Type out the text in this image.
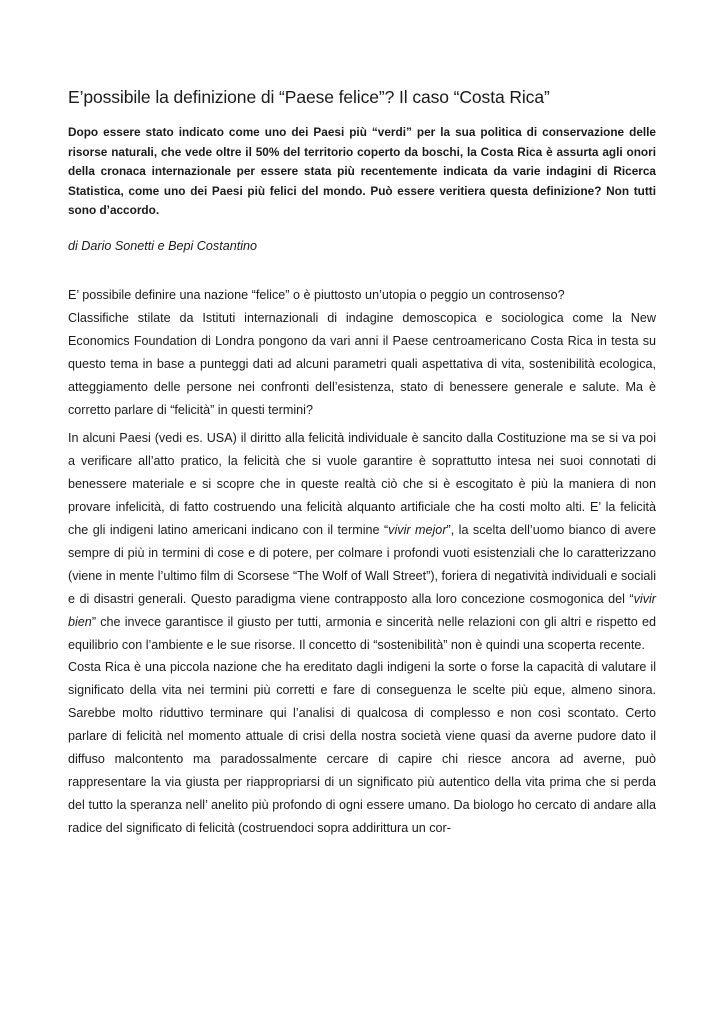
E’possibile la definizione di “Paese felice”? Il caso “Costa Rica”

Dopo essere stato indicato come uno dei Paesi più “verdi” per la sua politica di conservazione delle risorse naturali, che vede oltre il 50% del territorio coperto da boschi, la Costa Rica è assurta agli onori della cronaca internazionale per essere stata più recentemente indicata da varie indagini di Ricerca Statistica, come uno dei Paesi più felici del mondo. Può essere veritiera questa definizione? Non tutti sono d’accordo.

di Dario Sonetti e Bepi Costantino

E’ possibile definire una nazione “felice” o è piuttosto un’utopia o peggio un controsenso?

Classifiche stilate da Istituti internazionali di indagine demoscopica e sociologica come la New Economics Foundation di Londra pongono da vari anni il Paese centroamericano Costa Rica in testa su questo tema in base a punteggi dati ad alcuni parametri quali aspettativa di vita, sostenibilità ecologica, atteggiamento delle persone nei confronti dell’esistenza, stato di benessere generale e salute. Ma è corretto parlare di “felicità” in questi termini?

In alcuni Paesi (vedi es. USA) il diritto alla felicità individuale è sancito dalla Costituzione ma se si va poi a verificare all’atto pratico, la felicità che si vuole garantire è soprattutto intesa nei suoi connotati di benessere materiale e si scopre che in queste realtà ciò che si è escogitato è più la maniera di non provare infelicità, di fatto costruendo una felicità alquanto artificiale che ha costi molto alti. E’ la felicità che gli indigeni latino americani indicano con il termine “vivir mejor”, la scelta dell’uomo bianco di avere sempre di più in termini di cose e di potere, per colmare i profondi vuoti esistenziali che lo caratterizzano (viene in mente l’ultimo film di Scorsese “The Wolf of Wall Street”), foriera di negatività individuali e sociali e di disastri generali. Questo paradigma viene contrapposto alla loro concezione cosmogonica del “vivir bien” che invece garantisce il giusto per tutti, armonia e sincerità nelle relazioni con gli altri e rispetto ed equilibrio con l’ambiente e le sue risorse. Il concetto di “sostenibilità” non è quindi una scoperta recente.

Costa Rica è una piccola nazione che ha ereditato dagli indigeni la sorte o forse la capacità di valutare il significato della vita nei termini più corretti e fare di conseguenza le scelte più eque, almeno sinora. Sarebbe molto riduttivo terminare qui l’analisi di qualcosa di complesso e non così scontato. Certo parlare di felicità nel momento attuale di crisi della nostra società viene quasi da averne pudore dato il diffuso malcontento ma paradossalmente cercare di capire chi riesce ancora ad averne, può rappresentare la via giusta per riappropriarsi di un significato più autentico della vita prima che si perda del tutto la speranza nell’ anelito più profondo di ogni essere umano. Da biologo ho cercato di andare alla radice del significato di felicità (costruendoci sopra addirittura un cor-
